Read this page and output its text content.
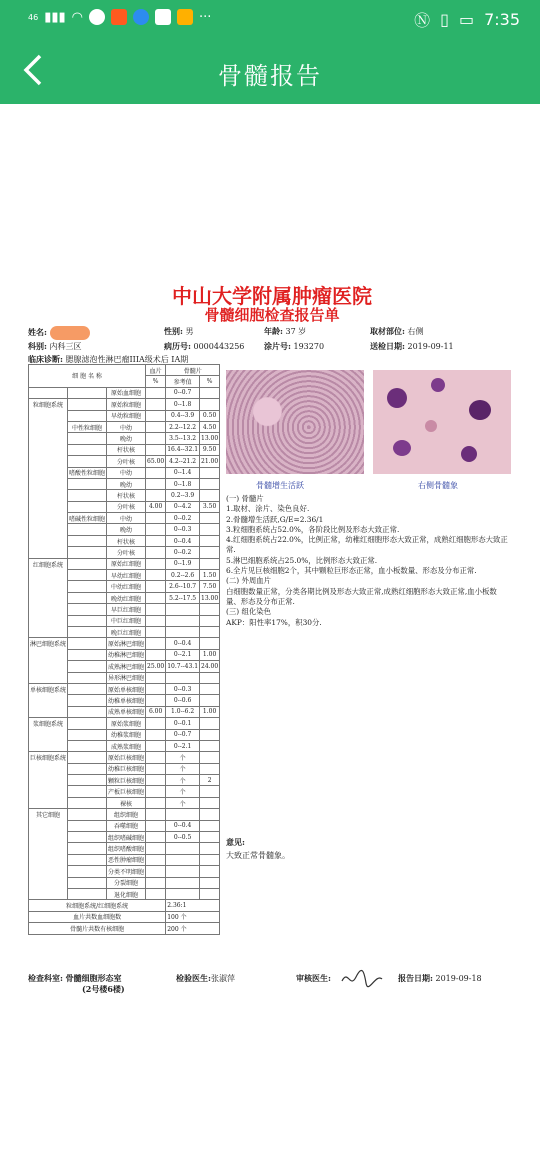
46 ▮▮▮ ◠	···	Ⓝ ▯ ▭ 7:35
骨髓报告
中山大学附属肿瘤医院
骨髓细胞检查报告单
姓名:	性别: 男	年龄: 37 岁	取材部位: 右侧
科别: 内科三区	病历号: 0000443256 涂片号: 193270	送检日期: 2019-09-11
临床诊断: 腮腺滤泡性淋巴瘤IIIA级术后 IA期
细 胞 名 称			血片	骨髓片	
			%	参考值	%
		原始血细胞		0--0.7	
粒细胞系统		原始粒细胞		0--1.8	
		早幼粒细胞		0.4--3.9	0.50
	中性粒细胞	中幼		2.2--12.2	4.50
		晚幼		3.5--13.2	13.00
		杆状核		16.4--32.1	9.50
		分叶核	65.00	4.2--21.2	21.00
	嗜酸性粒细胞	中幼		0--1.4	
		晚幼		0--1.8	
		杆状核		0.2--3.9	
		分叶核	4.00	0--4.2	3.50
	嗜碱性粒细胞	中幼		0--0.2	
		晚幼		0--0.3	
		杆状核		0--0.4	
		分叶核		0--0.2	
红细胞系统		原始红细胞		0--1.9	
		早幼红细胞		0.2--2.6	1.50
		中幼红细胞		2.6--10.7	7.50
		晚幼红细胞		5.2--17.5	13.00
		早巨红细胞			
		中巨红细胞			
		晚巨红细胞			
淋巴细胞系统		原始淋巴细胞		0--0.4	
		幼稚淋巴细胞		0--2.1	1.00
		成熟淋巴细胞	25.00	10.7--43.1	24.00
		异形淋巴细胞			
单核细胞系统		原始单核细胞		0--0.3	
		幼稚单核细胞		0--0.6	
		成熟单核细胞	6.00	1.0--6.2	1.00
浆细胞系统		原始浆细胞		0--0.1	
		幼稚浆细胞		0--0.7	
		成熟浆细胞		0--2.1	
巨核细胞系统		原始巨核细胞		个	
		幼稚巨核细胞		个	
		颗粒巨核细胞		个	2
		产板巨核细胞		个	
		裸核		个	
其它细胞		组织细胞			
		吞噬细胞		0--0.4	
		组织嗜碱细胞		0--0.5	
		组织嗜酸细胞			
		恶性肿瘤细胞			
		分类不明细胞			
		分裂细胞			
		退化细胞			
粒细胞系统/红细胞系统				2.36:1	
血片共数血细胞数				100 个	
骨髓片共数有核细胞				200 个	
骨髓增生活跃	右侧骨髓象
(一) 骨髓片
1.取材、涂片、染色良好.
2.骨髓增生活跃,G/E=2.36/1
3.粒细胞系统占52.0%，各阶段比例及形态大致正常.
4.红细胞系统占22.0%，比例正常，幼稚红细胞形态大致正常，成熟红细胞形态大致正常.
5.淋巴细胞系统占25.0%，比例形态大致正常.
6.全片见巨核细胞2个，其中颗粒巨形态正常，血小板数量、形态及分布正常.
(二) 外周血片
白细胞数量正常，分类各期比例及形态大致正常,成熟红细胞形态大致正常,血小板数量、形态及分布正常.
(三) 组化染色
AKP：阳性率17%，积30分.
意见:
大致正常骨髓象。
检查科室: 骨髓细胞形态室
(2号楼6楼)
检验医生:张淑萍	审核医生:	报告日期: 2019-09-18
